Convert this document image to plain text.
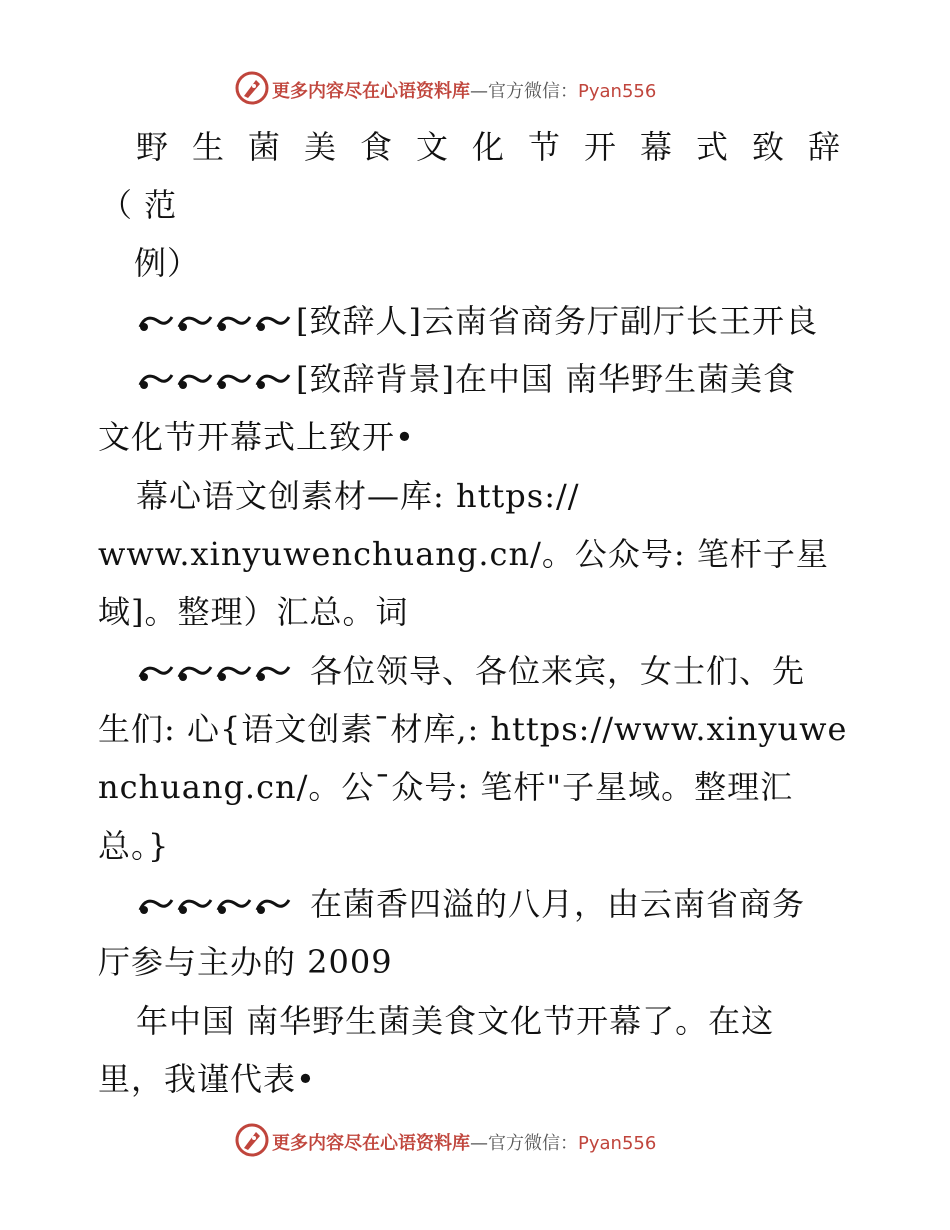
更多内容尽在心语资料库—官方微信：Pyan556
野生菌美食文化节开幕式致辞
（ 范
例）
[致辞人]云南省商务厅副厅长王开良
[致辞背景]在中国 南华野生菌美食
文化节开幕式上致开•
幕心语文创素材—库: https://
www.xinyuwenchuang.cn/。公众号: 笔杆子星
域]。整理）汇总。词
各位领导、各位来宾，女士们、先
生们: 心{语文创素¯材库,: https://www.xinyuwe
nchuang.cn/。公¯众号: 笔杆"子星域。整理汇
总。}
在菌香四溢的八月，由云南省商务
厅参与主办的 2009
年中国 南华野生菌美食文化节开幕了。在这
里，我谨代表•
更多内容尽在心语资料库—官方微信：Pyan556
